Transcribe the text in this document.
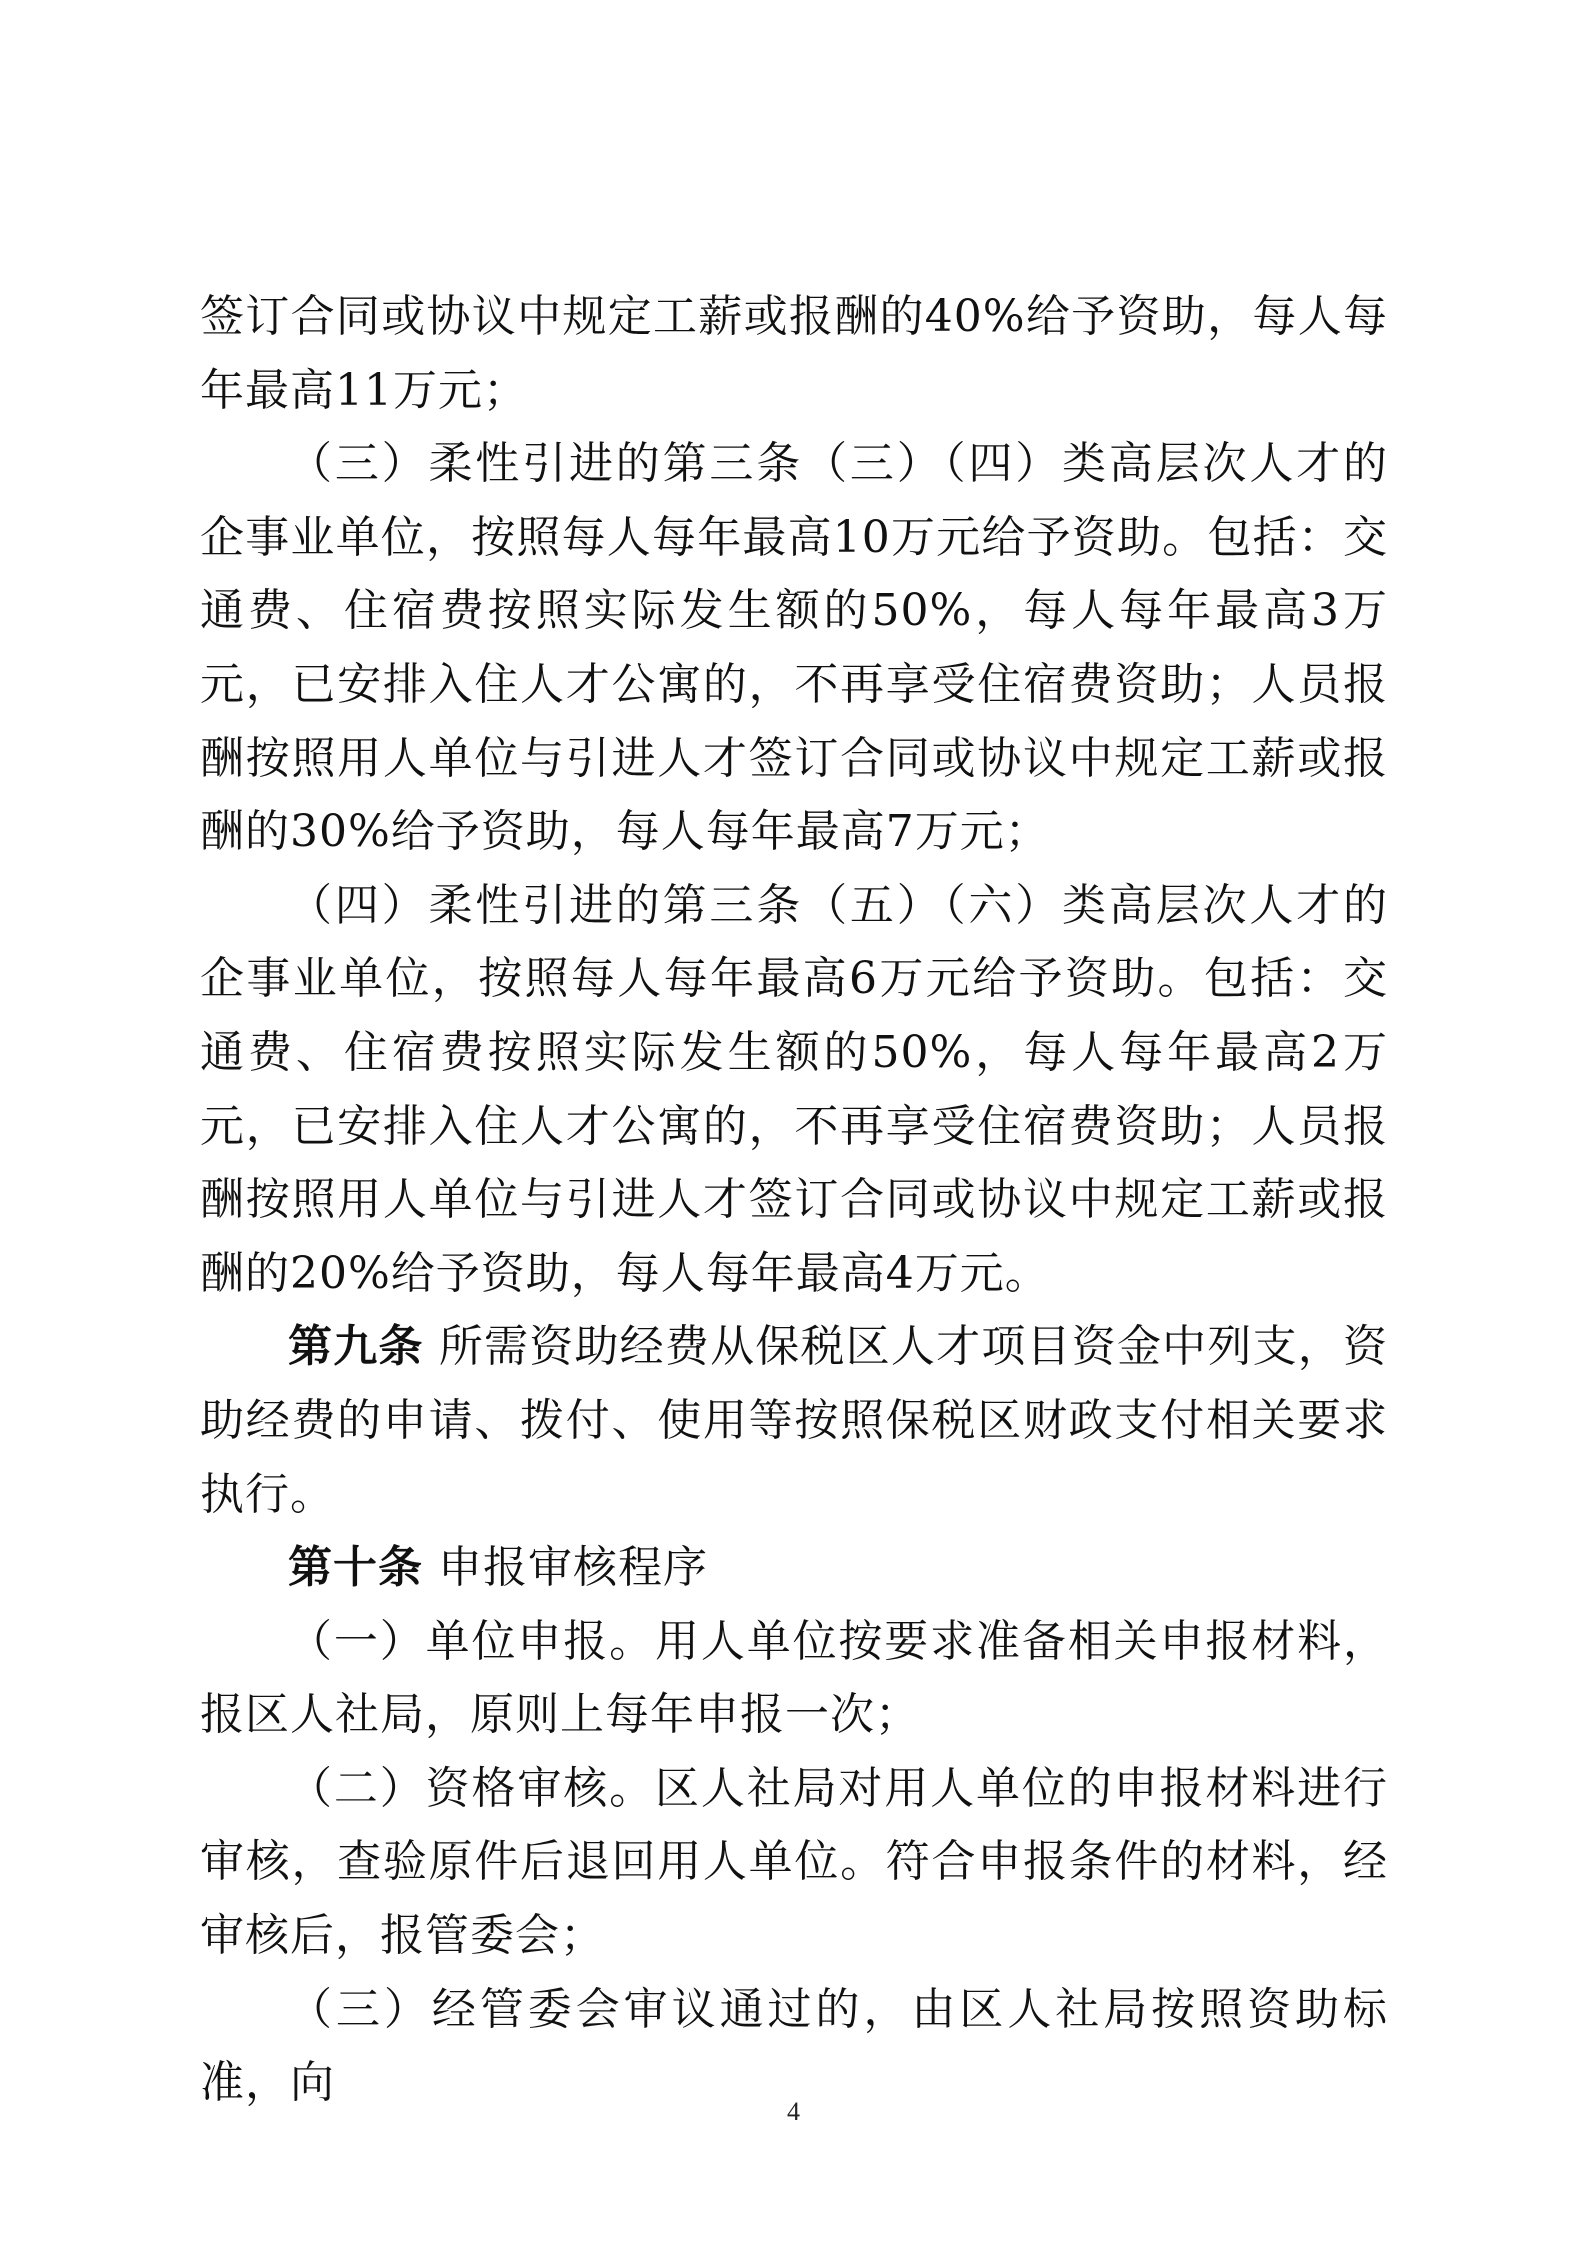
签订合同或协议中规定工薪或报酬的40%给予资助，每人每年最高11万元；

（三）柔性引进的第三条（三）（四）类高层次人才的企事业单位，按照每人每年最高10万元给予资助。包括：交通费、住宿费按照实际发生额的50%，每人每年最高3万元，已安排入住人才公寓的，不再享受住宿费资助；人员报酬按照用人单位与引进人才签订合同或协议中规定工薪或报酬的30%给予资助，每人每年最高7万元；

（四）柔性引进的第三条（五）（六）类高层次人才的企事业单位，按照每人每年最高6万元给予资助。包括：交通费、住宿费按照实际发生额的50%，每人每年最高2万元，已安排入住人才公寓的，不再享受住宿费资助；人员报酬按照用人单位与引进人才签订合同或协议中规定工薪或报酬的20%给予资助，每人每年最高4万元。

第九条 所需资助经费从保税区人才项目资金中列支，资助经费的申请、拨付、使用等按照保税区财政支付相关要求执行。

第十条 申报审核程序

（一）单位申报。用人单位按要求准备相关申报材料，报区人社局，原则上每年申报一次；

（二）资格审核。区人社局对用人单位的申报材料进行审核，查验原件后退回用人单位。符合申报条件的材料，经审核后，报管委会；

（三）经管委会审议通过的，由区人社局按照资助标准，向

4
